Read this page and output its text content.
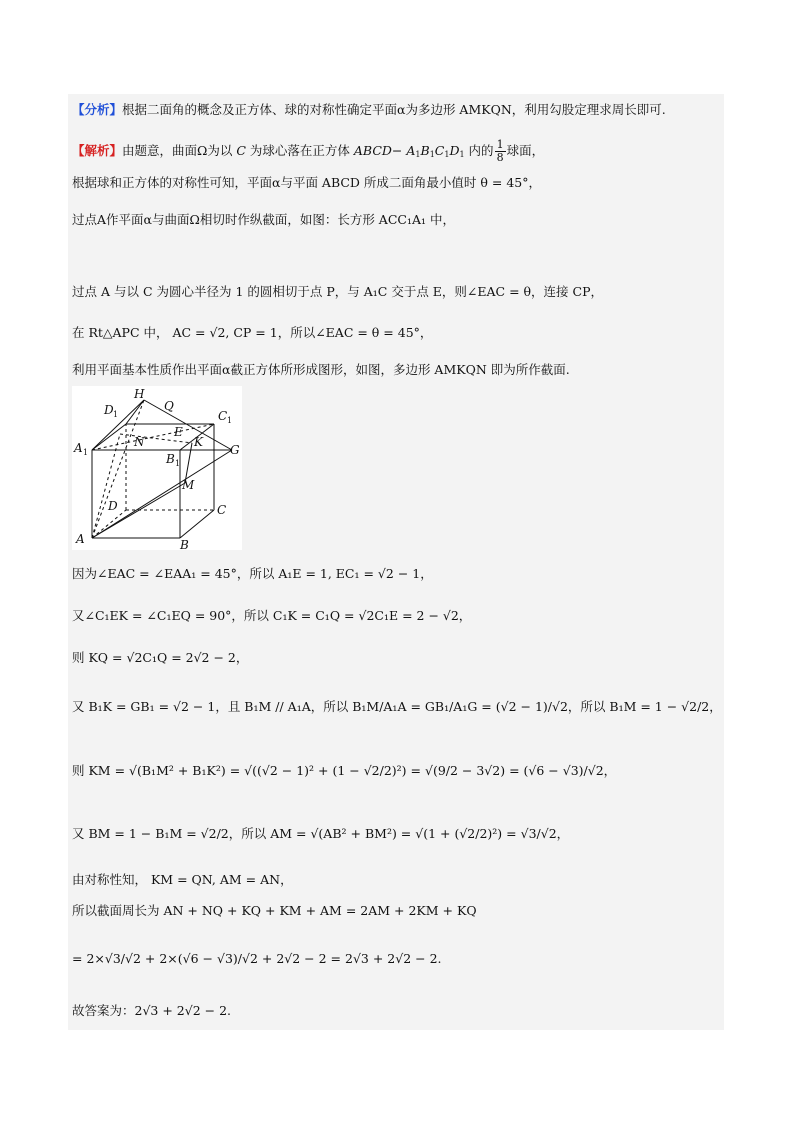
【分析】根据二面角的概念及正方体、球的对称性确定平面α为多边形 AMKQN，利用勾股定理求周长即可.
【解析】由题意，曲面Ω为以 C 为球心落在正方体 ABCD− $A_1B_1C_1D_1$ 内的 $\frac{1}{8}$ 球面，
根据球和正方体的对称性可知，平面α与平面 ABCD 所成二面角最小值时 θ = 45°，
过点A作平面α与曲面Ω相切时作纵截面，如图：长方形 ACC₁A₁ 中，
过点 A 与以 C 为圆心半径为 1 的圆相切于点 P，与 A₁C 交于点 E，则∠EAC = θ，连接 CP，
在 Rt△APC 中， AC = √2, CP = 1，所以∠EAC = θ = 45°，
利用平面基本性质作出平面α截正方体所形成图形，如图，多边形 AMKQN 即为所作截面.
H
Q
D 1	C 1
N
E
K
A 1	B 1
G
M
D	C
A	B
因为∠EAC = ∠EAA₁ = 45°，所以 A₁E = 1, EC₁ = √2 − 1，
又∠C₁EK = ∠C₁EQ = 90°，所以 C₁K = C₁Q = √2C₁E = 2 − √2，
则 KQ = √2C₁Q = 2√2 − 2，
又 B₁K = GB₁ = √2 − 1，且 B₁M // A₁A，所以 B₁M/A₁A = GB₁/A₁G = (√2 − 1)/√2，所以 B₁M = 1 − √2/2，
则 KM = √(B₁M² + B₁K²) = √((√2 − 1)² + (1 − √2/2)²) = √(9/2 − 3√2) = (√6 − √3)/√2，
又 BM = 1 − B₁M = √2/2，所以 AM = √(AB² + BM²) = √(1 + (√2/2)²) = √3/√2，
由对称性知， KM = QN, AM = AN，
所以截面周长为 AN + NQ + KQ + KM + AM = 2AM + 2KM + KQ
= 2×√3/√2 + 2×(√6 − √3)/√2 + 2√2 − 2 = 2√3 + 2√2 − 2.
故答案为：2√3 + 2√2 − 2.
